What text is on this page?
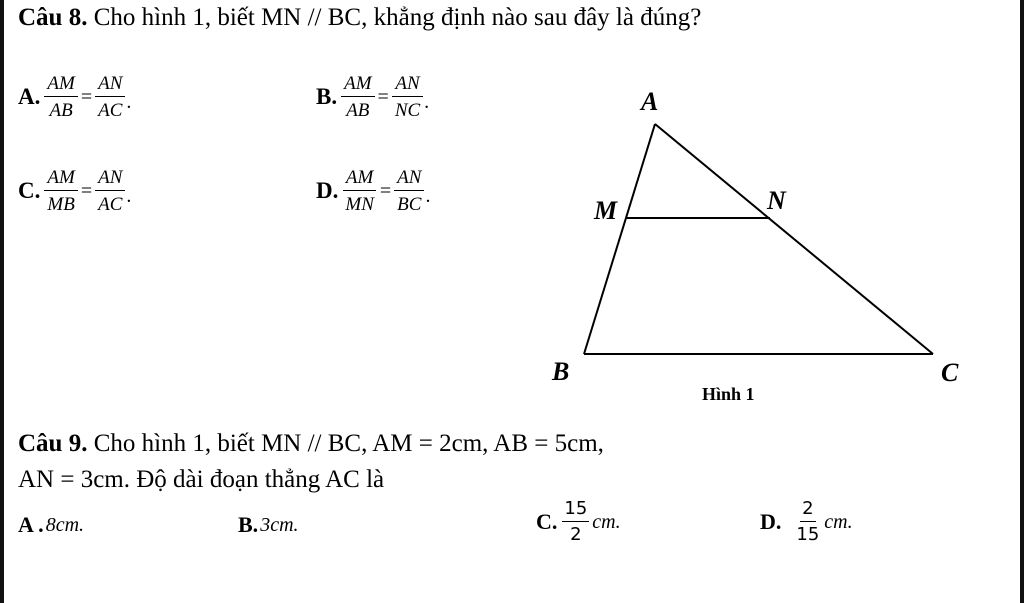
Câu 8. Cho hình 1, biết MN // BC, khẳng định nào sau đây là đúng?
A. $\frac{AM}{AB} = \frac{AN}{AC}$ .	B. $\frac{AM}{AB} = \frac{AN}{NC}$ .
C. $\frac{AM}{MB} = \frac{AN}{AC}$ .	D. $\frac{AM}{MN} = \frac{AN}{BC}$ .
A
M	N
B	C
Hình 1
Câu 9. Cho hình 1, biết MN // BC, AM = 2cm, AB = 5cm,
AN = 3cm. Độ dài đoạn thẳng AC là
A . 8cm.	B. 3cm.	C. $\frac{15}{2}$ cm.	D. $\frac{2}{15}$ cm.
